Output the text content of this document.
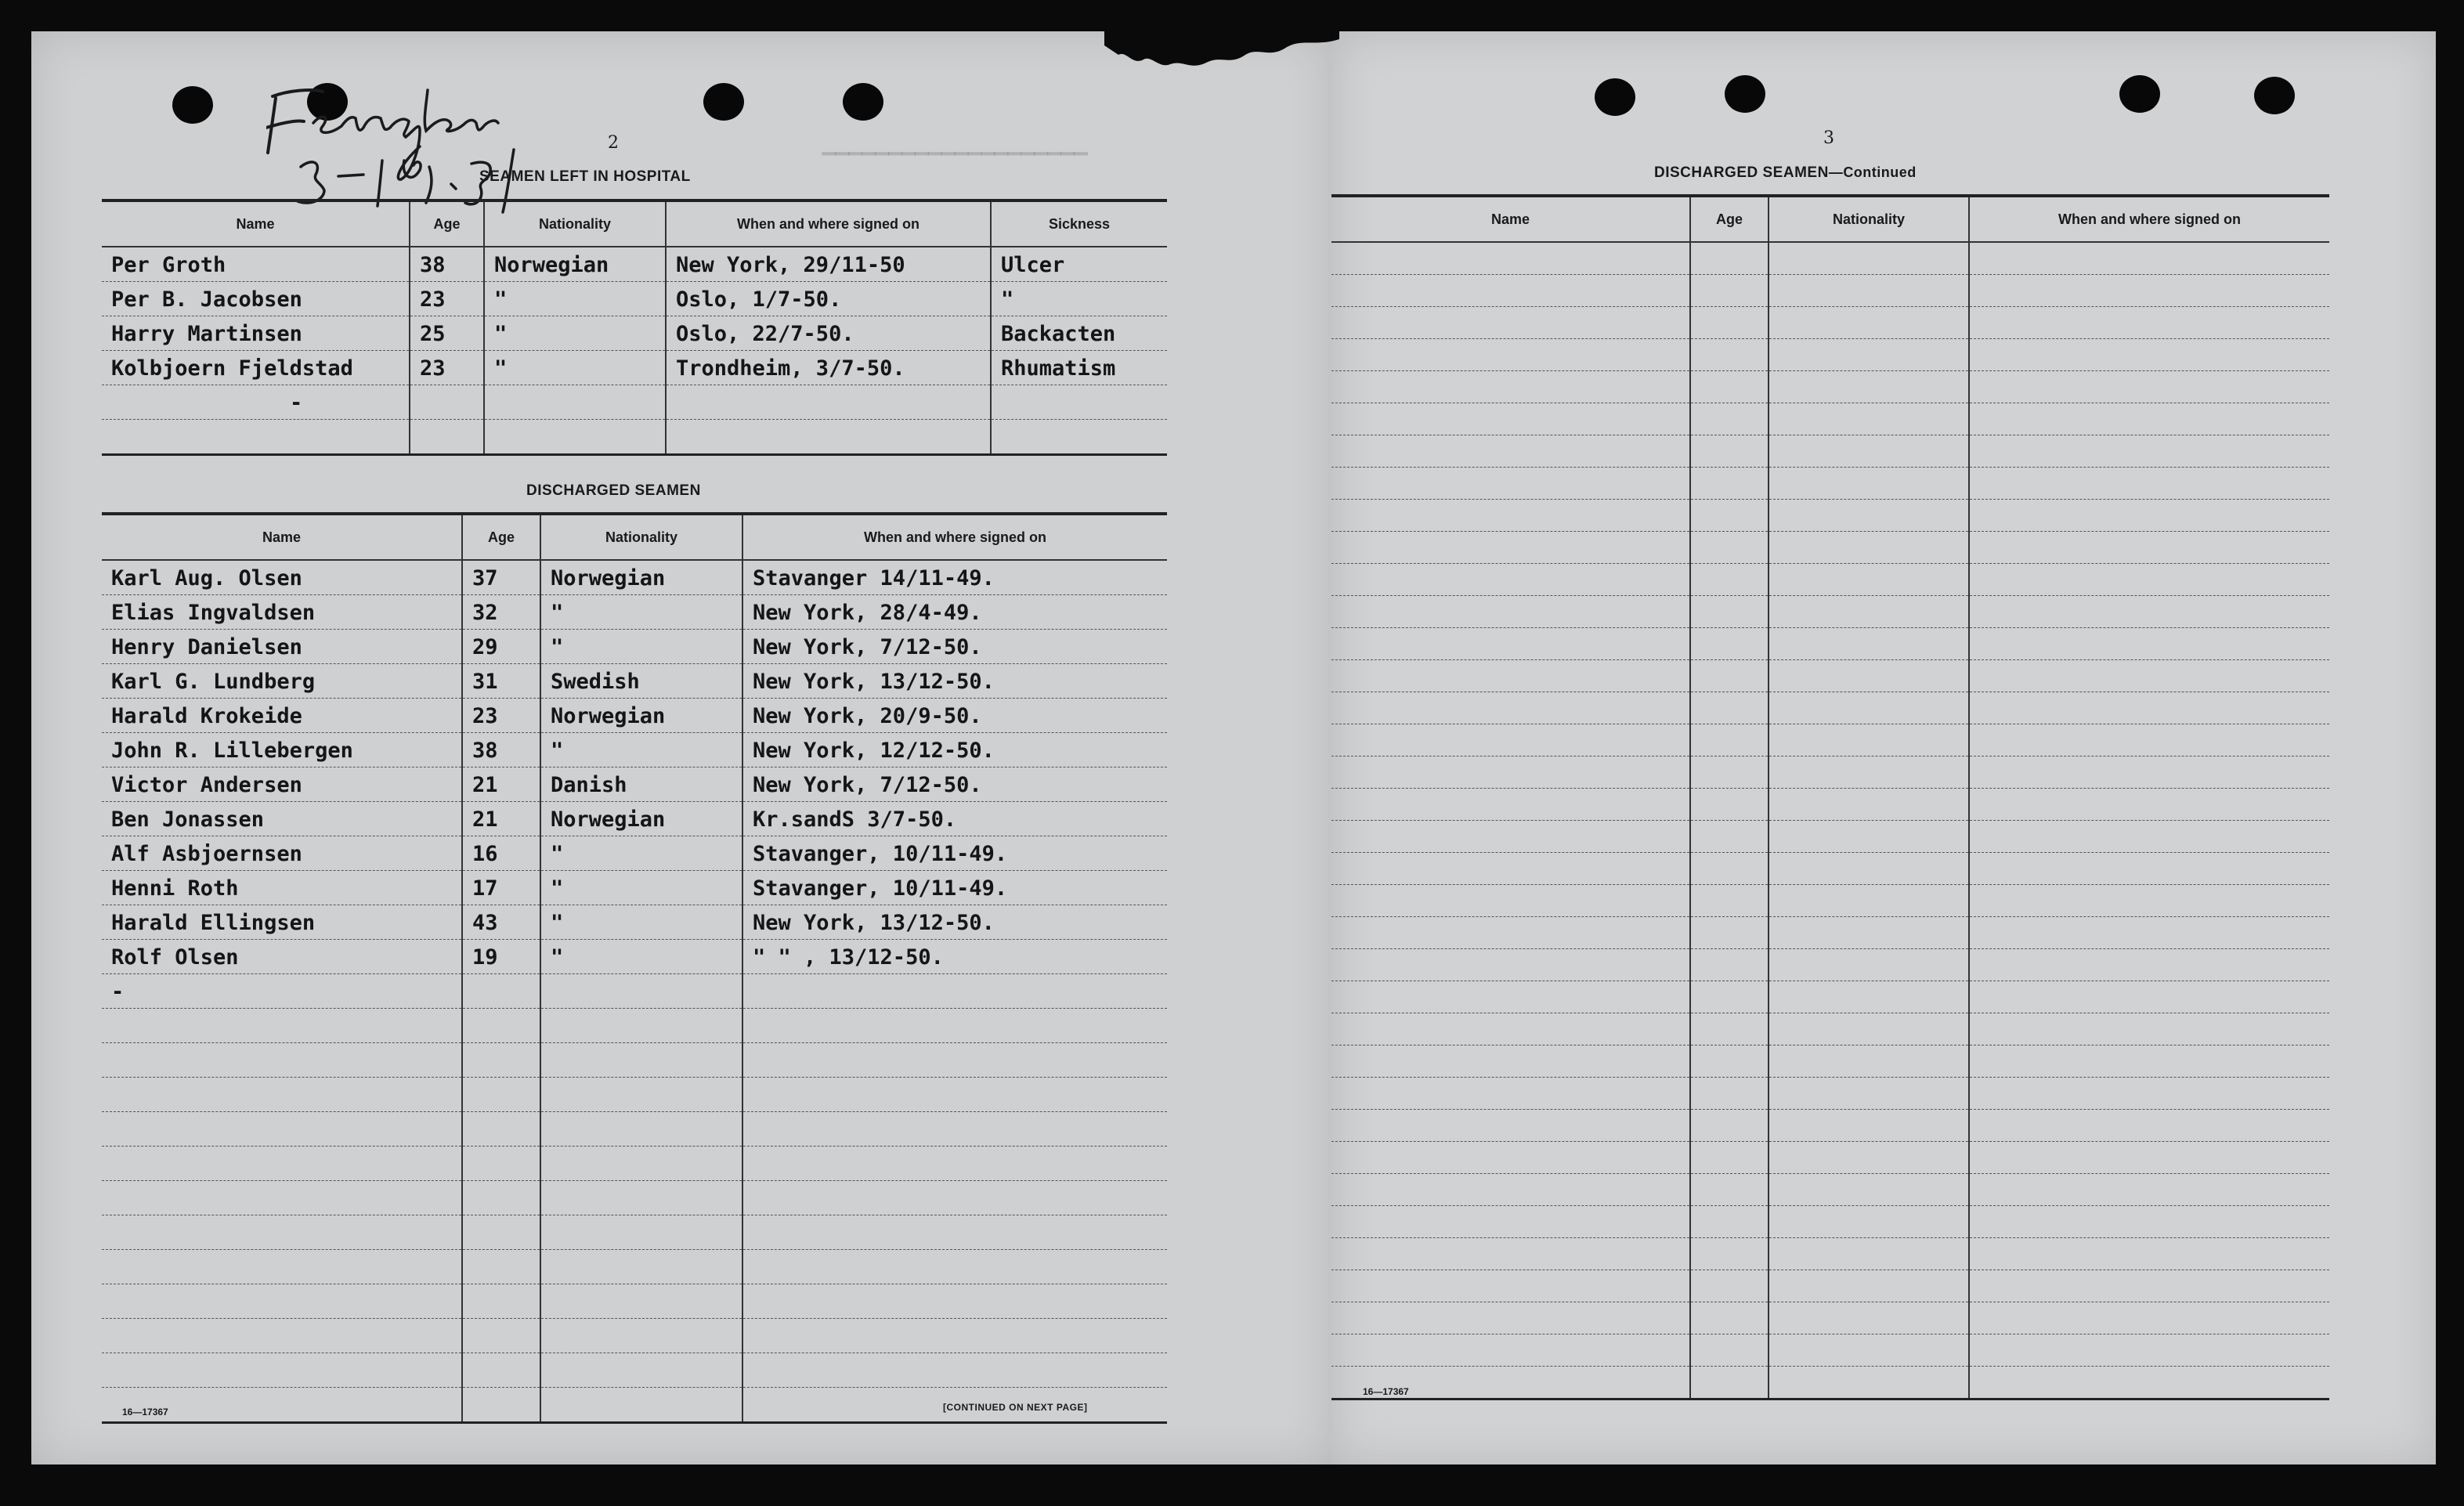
▔▔▔▔▔▔▔▔▔▔▔▔▔▔▔▔▔▔▔▔
2
SEAMEN LEFT IN HOSPITAL
Name	Age	Nationality	When and where signed on	Sickness
Per Groth	38	Norwegian	New York, 29/11-50	Ulcer
Per B. Jacobsen	23	"	Oslo, 1/7-50.	"
Harry Martinsen	25	"	Oslo, 22/7-50.	Backacten
Kolbjoern Fjeldstad	23	"	Trondheim, 3/7-50.	Rhumatism
-				

DISCHARGED SEAMEN
Name	Age	Nationality	When and where signed on
Karl Aug. Olsen	37	Norwegian	Stavanger 14/11-49.
Elias Ingvaldsen	32	"	New York, 28/4-49.
Henry Danielsen	29	"	New York, 7/12-50.
Karl G. Lundberg	31	Swedish	New York, 13/12-50.
Harald Krokeide	23	Norwegian	New York, 20/9-50.
John R. Lillebergen	38	"	New York, 12/12-50.
Victor Andersen	21	Danish	New York, 7/12-50.
Ben Jonassen	21	Norwegian	Kr.sandS 3/7-50.
Alf Asbjoernsen	16	"	Stavanger, 10/11-49.
Henni Roth	17	"	Stavanger, 10/11-49.
Harald Ellingsen	43	"	New York, 13/12-50.
Rolf Olsen	19	"	" " , 13/12-50.
-			

16—17367	[CONTINUED ON NEXT PAGE]
3
DISCHARGED SEAMEN—Continued
Name	Age	Nationality	When and where signed on

16—17367
